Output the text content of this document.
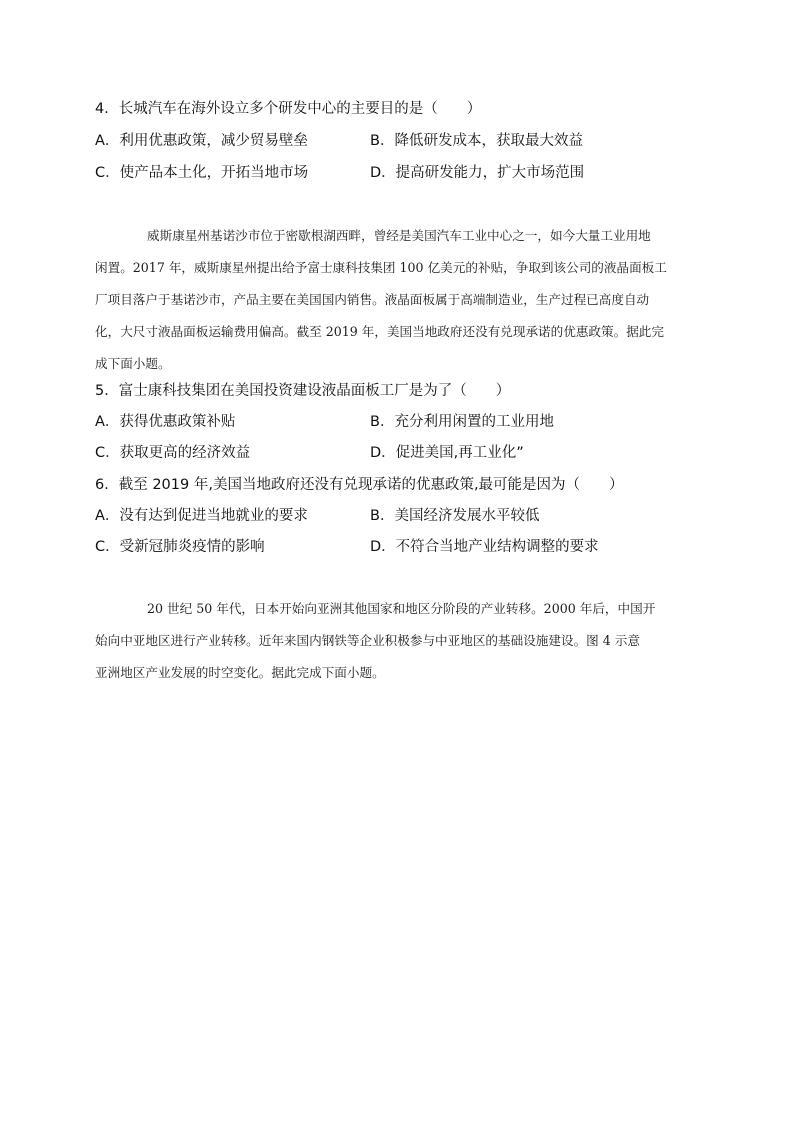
4．长城汽车在海外设立多个研发中心的主要目的是（　　）
A．利用优惠政策，减少贸易壁垒	B．降低研发成本，获取最大效益
C．使产品本土化，开拓当地市场	D．提高研发能力，扩大市场范围
威斯康星州基诺沙市位于密歇根湖西畔，曾经是美国汽车工业中心之一，如今大量工业用地
闲置。2017 年，威斯康星州提出给予富士康科技集团 100 亿美元的补贴，争取到该公司的液晶面板工
厂项目落户于基诺沙市，产品主要在美国国内销售。液晶面板属于高端制造业，生产过程已高度自动
化，大尺寸液晶面板运输费用偏高。截至 2019 年，美国当地政府还没有兑现承诺的优惠政策。据此完
成下面小题。
5．富士康科技集团在美国投资建设液晶面板工厂是为了（　　）
A．获得优惠政策补贴	B．充分利用闲置的工业用地
C．获取更高的经济效益	D．促进美国,再工业化”
6．截至 2019 年,美国当地政府还没有兑现承诺的优惠政策,最可能是因为（　　）
A．没有达到促进当地就业的要求	B．美国经济发展水平较低
C．受新冠肺炎疫情的影响	D．不符合当地产业结构调整的要求
20 世纪 50 年代，日本开始向亚洲其他国家和地区分阶段的产业转移。2000 年后，中国开
始向中亚地区进行产业转移。近年来国内钢铁等企业积极参与中亚地区的基础设施建设。图 4 示意
亚洲地区产业发展的时空变化。据此完成下面小题。
